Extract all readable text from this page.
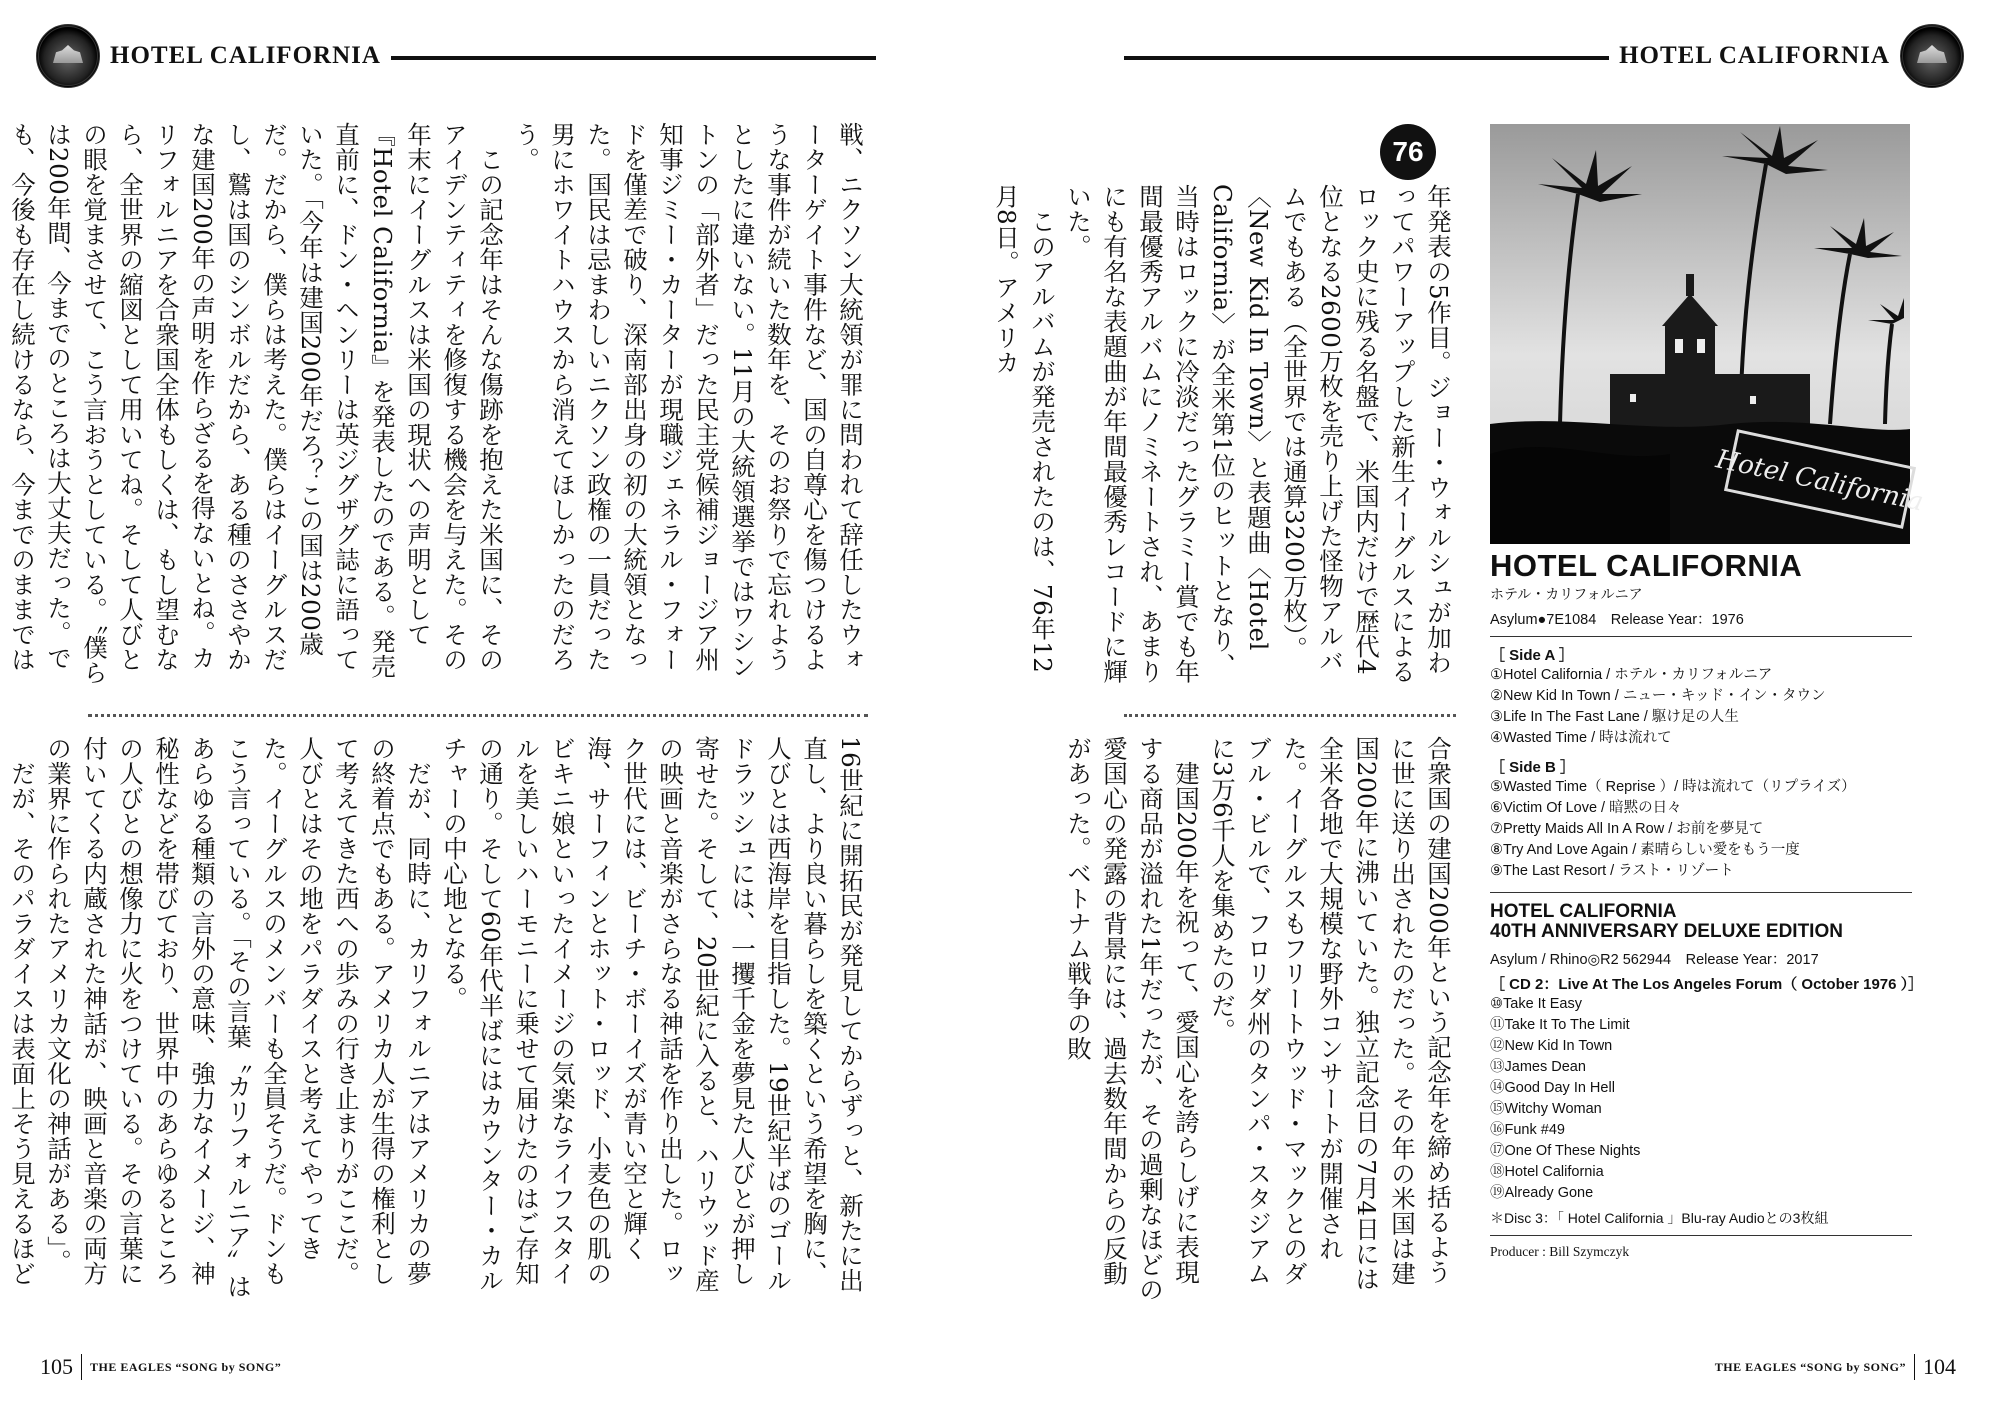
HOTEL CALIFORNIA

戦、ニクソン大統領が罪に問われて辞任したウォーターゲイト事件など、国の自尊心を傷つけるような事件が続いた数年を、そのお祭りで忘れようとしたに違いない。11月の大統領選挙ではワシントンの「部外者」だった民主党候補ジョージア州知事ジミー・カーターが現職ジェネラル・フォードを僅差で破り、深南部出身の初の大統領となった。国民は忌まわしいニクソン政権の一員だった男にホワイトハウスから消えてほしかったのだろう。

この記念年はそんな傷跡を抱えた米国に、そのアイデンティティを修復する機会を与えた。その年末にイーグルスは米国の現状への声明として『Hotel California』を発表したのである。発売直前に、ドン・ヘンリーは英ジグザグ誌に語っていた。「今年は建国200年だろ？この国は200歳だ。だから、僕らは考えた。僕らはイーグルスだし、鷲は国のシンボルだから、ある種のささやかな建国200年の声明を作らざるを得ないとね。カリフォルニアを合衆国全体もしくは、もし望むなら、全世界の縮図として用いてね。そして人びとの眼を覚まさせて、こう言おうとしている。〝僕らは200年間、今までのところは大丈夫だった。でも、今後も存在し続けるなら、今までのままでは

16世紀に開拓民が発見してからずっと、新たに出直し、より良い暮らしを築くという希望を胸に、人びとは西海岸を目指した。19世紀半ばのゴールドラッシュには、一攫千金を夢見た人びとが押し寄せた。そして、20世紀に入ると、ハリウッド産の映画と音楽がさらなる神話を作り出した。ロック世代には、ビーチ・ボーイズが青い空と輝く海、サーフィンとホット・ロッド、小麦色の肌のビキニ娘といったイメージの気楽なライフスタイルを美しいハーモニーに乗せて届けたのはご存知の通り。そして60年代半ばにはカウンター・カルチャーの中心地となる。

だが、同時に、カリフォルニアはアメリカの夢の終着点でもある。アメリカ人が生得の権利として考えてきた西への歩みの行き止まりがここだ。人びとはその地をパラダイスと考えてやってきた。イーグルスのメンバーも全員そうだ。ドンもこう言っている。「その言葉〝カリフォルニア〟はあらゆる種類の言外の意味、強力なイメージ、神秘性などを帯びており、世界中のあらゆるところの人びとの想像力に火をつけている。その言葉に付いてくる内蔵された神話が、映画と音楽の両方の業界に作られたアメリカ文化の神話がある」。

だが、そのパラダイスは表面上そう見えるほど

105 THE EAGLES “SONG by SONG”
HOTEL CALIFORNIA
76

年発表の5作目。ジョー・ウォルシュが加わってパワーアップした新生イーグルスによるロック史に残る名盤で、米国内だけで歴代4位となる2600万枚を売り上げた怪物アルバムでもある（全世界では通算3200万枚）。〈New Kid In Town〉と表題曲〈Hotel California〉が全米第1位のヒットとなり、当時はロックに冷淡だったグラミー賞でも年間最優秀アルバムにノミネートされ、あまりにも有名な表題曲が年間最優秀レコードに輝いた。

このアルバムが発売されたのは、76年12月8日。アメリカ

合衆国の建国200年という記念年を締め括るように世に送り出されたのだった。その年の米国は建国200年に沸いていた。独立記念日の7月4日には全米各地で大規模な野外コンサートが開催された。イーグルスもフリートウッド・マックとのダブル・ビルで、フロリダ州のタンパ・スタジアムに3万6千人を集めたのだ。

建国200年を祝って、愛国心を誇らしげに表現する商品が溢れた1年だったが、その過剰なほどの愛国心の発露の背景には、過去数年間からの反動があった。ベトナム戦争の敗

Hotel California
HOTEL CALIFORNIA
ホテル・カリフォルニア
Asylum●7E1084　Release Year：1976
［ Side A ］
①Hotel California / ホテル・カリフォルニア
②New Kid In Town / ニュー・キッド・イン・タウン
③Life In The Fast Lane / 駆け足の人生
④Wasted Time / 時は流れて
［ Side B ］
⑤Wasted Time（ Reprise ）/ 時は流れて（リプライズ）
⑥Victim Of Love / 暗黙の日々
⑦Pretty Maids All In A Row / お前を夢見て
⑧Try And Love Again / 素晴らしい愛をもう一度
⑨The Last Resort / ラスト・リゾート
HOTEL CALIFORNIA
40TH ANNIVERSARY DELUXE EDITION
Asylum / Rhino◎R2 562944　Release Year：2017
［ CD 2：Live At The Los Angeles Forum（ October 1976 ）］
⑩Take It Easy
⑪Take It To The Limit
⑫New Kid In Town
⑬James Dean
⑭Good Day In Hell
⑮Witchy Woman
⑯Funk #49
⑰One Of These Nights
⑱Hotel California
⑲Already Gone
＊Disc 3：「 Hotel California 」Blu-ray Audioとの3枚組
Producer : Bill Szymczyk
THE EAGLES “SONG by SONG” 104
